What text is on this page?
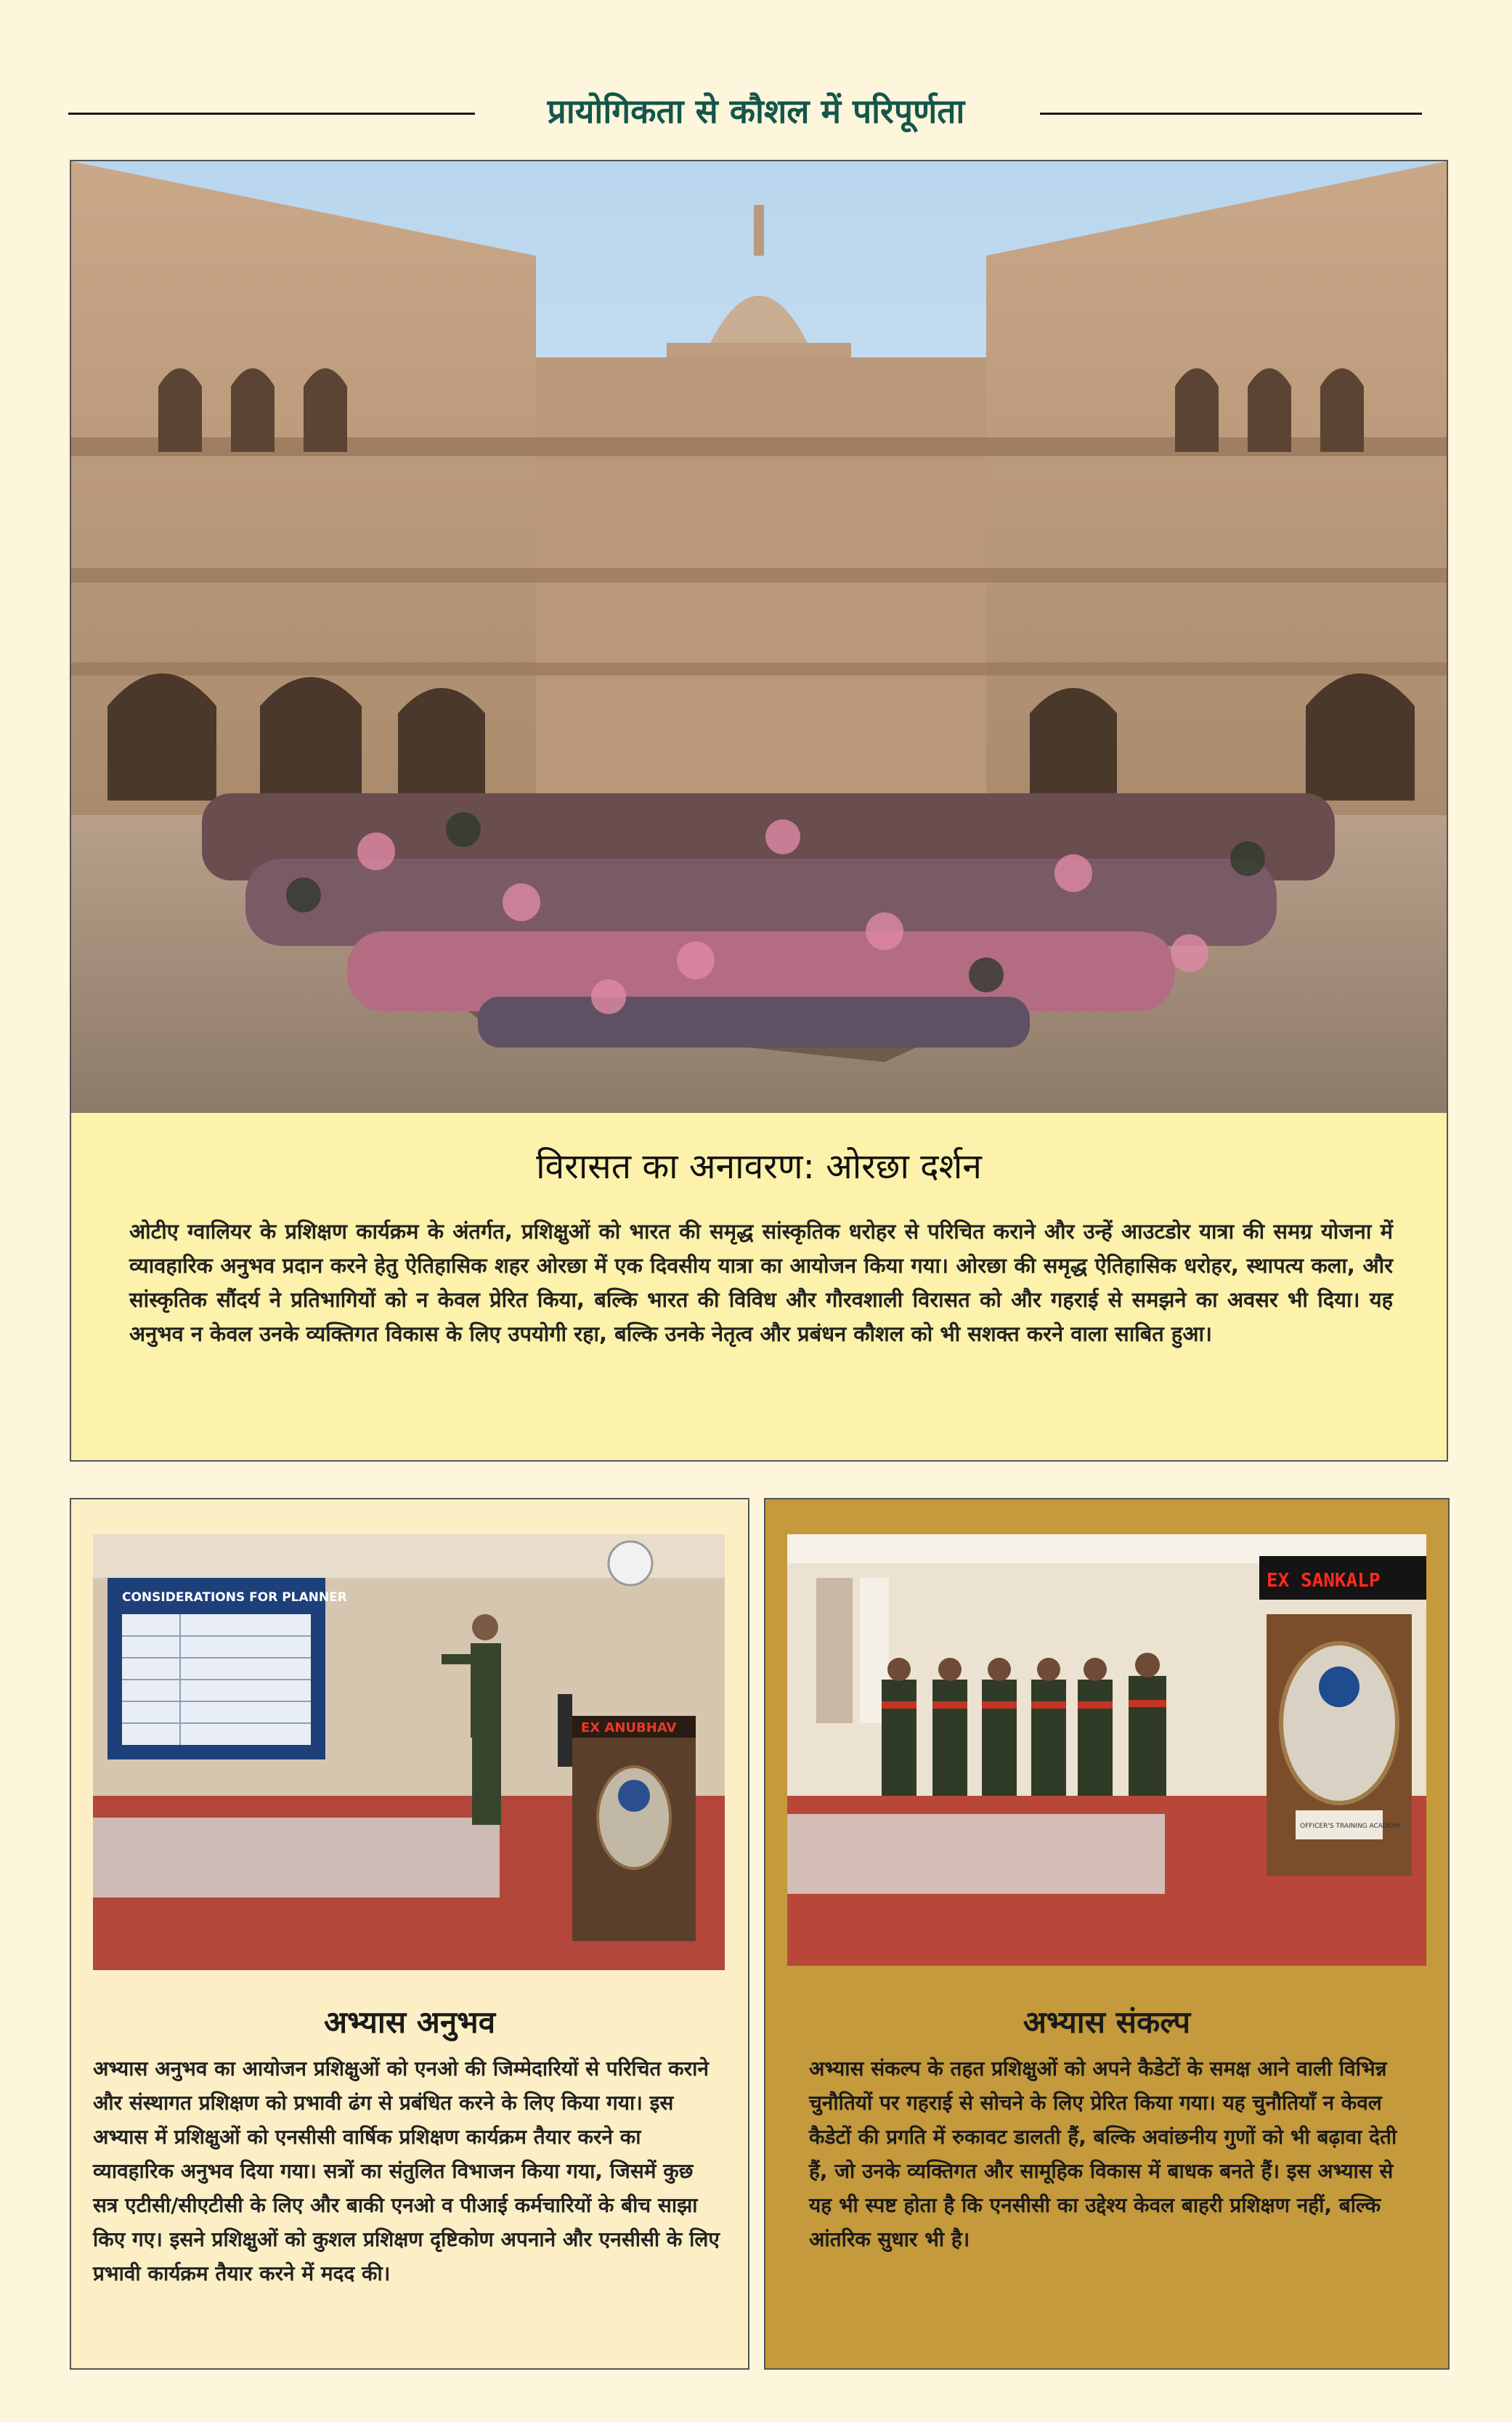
प्रायोगिकता से कौशल में परिपूर्णता
विरासत का अनावरण: ओरछा दर्शन
ओटीए ग्वालियर के प्रशिक्षण कार्यक्रम के अंतर्गत, प्रशिक्षुओं को भारत की समृद्ध सांस्कृतिक धरोहर से परिचित कराने और उन्हें आउटडोर यात्रा की समग्र योजना में व्यावहारिक अनुभव प्रदान करने हेतु ऐतिहासिक शहर ओरछा में एक दिवसीय यात्रा का आयोजन किया गया। ओरछा की समृद्ध ऐतिहासिक धरोहर, स्थापत्य कला, और सांस्कृतिक सौंदर्य ने प्रतिभागियों को न केवल प्रेरित किया, बल्कि भारत की विविध और गौरवशाली विरासत को और गहराई से समझने का अवसर भी दिया। यह अनुभव न केवल उनके व्यक्तिगत विकास के लिए उपयोगी रहा, बल्कि उनके नेतृत्व और प्रबंधन कौशल को भी सशक्त करने वाला साबित हुआ।
CONSIDERATIONS FOR PLANNER
EX ANUBHAV
अभ्यास अनुभव
अभ्यास अनुभव का आयोजन प्रशिक्षुओं को एनओ की जिम्मेदारियों से परिचित कराने और संस्थागत प्रशिक्षण को प्रभावी ढंग से प्रबंधित करने के लिए किया गया। इस अभ्यास में प्रशिक्षुओं को एनसीसी वार्षिक प्रशिक्षण कार्यक्रम तैयार करने का व्यावहारिक अनुभव दिया गया। सत्रों का संतुलित विभाजन किया गया, जिसमें कुछ सत्र एटीसी/सीएटीसी के लिए और बाकी एनओ व पीआई कर्मचारियों के बीच साझा किए गए। इसने प्रशिक्षुओं को कुशल प्रशिक्षण दृष्टिकोण अपनाने और एनसीसी के लिए प्रभावी कार्यक्रम तैयार करने में मदद की।
EX SANKALP
OFFICER'S TRAINING ACADEMY
अभ्यास संकल्प
अभ्यास संकल्प के तहत प्रशिक्षुओं को अपने कैडेटों के समक्ष आने वाली विभिन्न चुनौतियों पर गहराई से सोचने के लिए प्रेरित किया गया। यह चुनौतियाँ न केवल कैडेटों की प्रगति में रुकावट डालती हैं, बल्कि अवांछनीय गुणों को भी बढ़ावा देती हैं, जो उनके व्यक्तिगत और सामूहिक विकास में बाधक बनते हैं। इस अभ्यास से यह भी स्पष्ट होता है कि एनसीसी का उद्देश्य केवल बाहरी प्रशिक्षण नहीं, बल्कि आंतरिक सुधार भी है।
